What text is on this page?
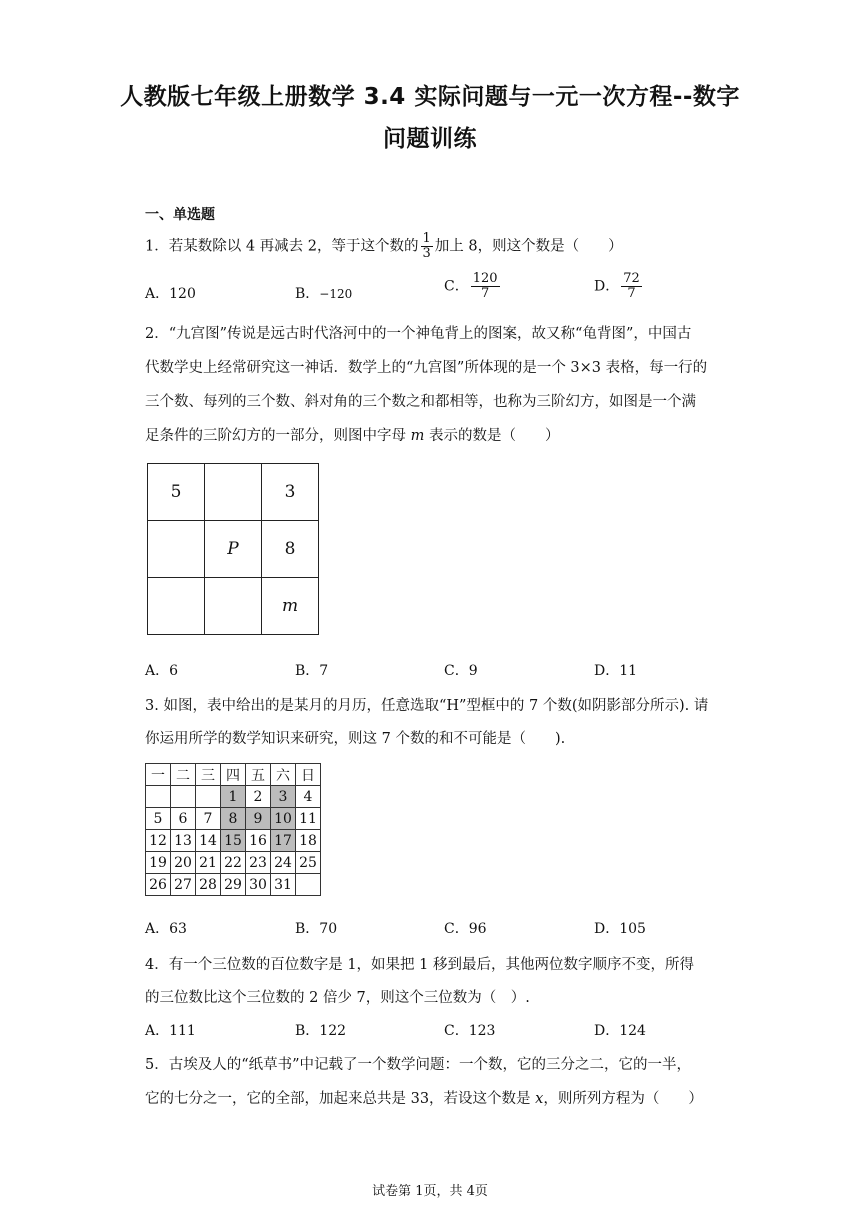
人教版七年级上册数学 3.4 实际问题与一元一次方程--数字
问题训练
一、单选题
1．若某数除以 4 再减去 2，等于这个数的 $\frac{1}{3}$ 加上 8，则这个数是（　　）
A．120	B．−120	C． $\frac{120}{7}$	D． $\frac{72}{7}$
2．“九宫图”传说是远古时代洛河中的一个神龟背上的图案，故又称“龟背图”，中国古
代数学史上经常研究这一神话．数学上的“九宫图”所体现的是一个 3×3 表格，每一行的
三个数、每列的三个数、斜对角的三个数之和都相等，也称为三阶幻方，如图是一个满
足条件的三阶幻方的一部分，则图中字母 m 表示的数是（　　）
5		3
	P	8
		m
A．6	B．7	C．9	D．11
3. 如图，表中给出的是某月的月历，任意选取“H”型框中的 7 个数(如阴影部分所示). 请
你运用所学的数学知识来研究，则这 7 个数的和不可能是（　　).
一	二	三	四	五	六	日
			1	2	3	4
5	6	7	8	9	10	11
12	13	14	15	16	17	18
19	20	21	22	23	24	25
26	27	28	29	30	31	
A．63	B．70	C．96	D．105
4．有一个三位数的百位数字是 1，如果把 1 移到最后，其他两位数字顺序不变，所得
的三位数比这个三位数的 2 倍少 7，则这个三位数为（　）.
A．111	B．122	C．123	D．124
5．古埃及人的“纸草书”中记载了一个数学问题：一个数，它的三分之二，它的一半，
它的七分之一，它的全部，加起来总共是 33，若设这个数是 x，则所列方程为（　　）
试卷第 1页，共 4页
